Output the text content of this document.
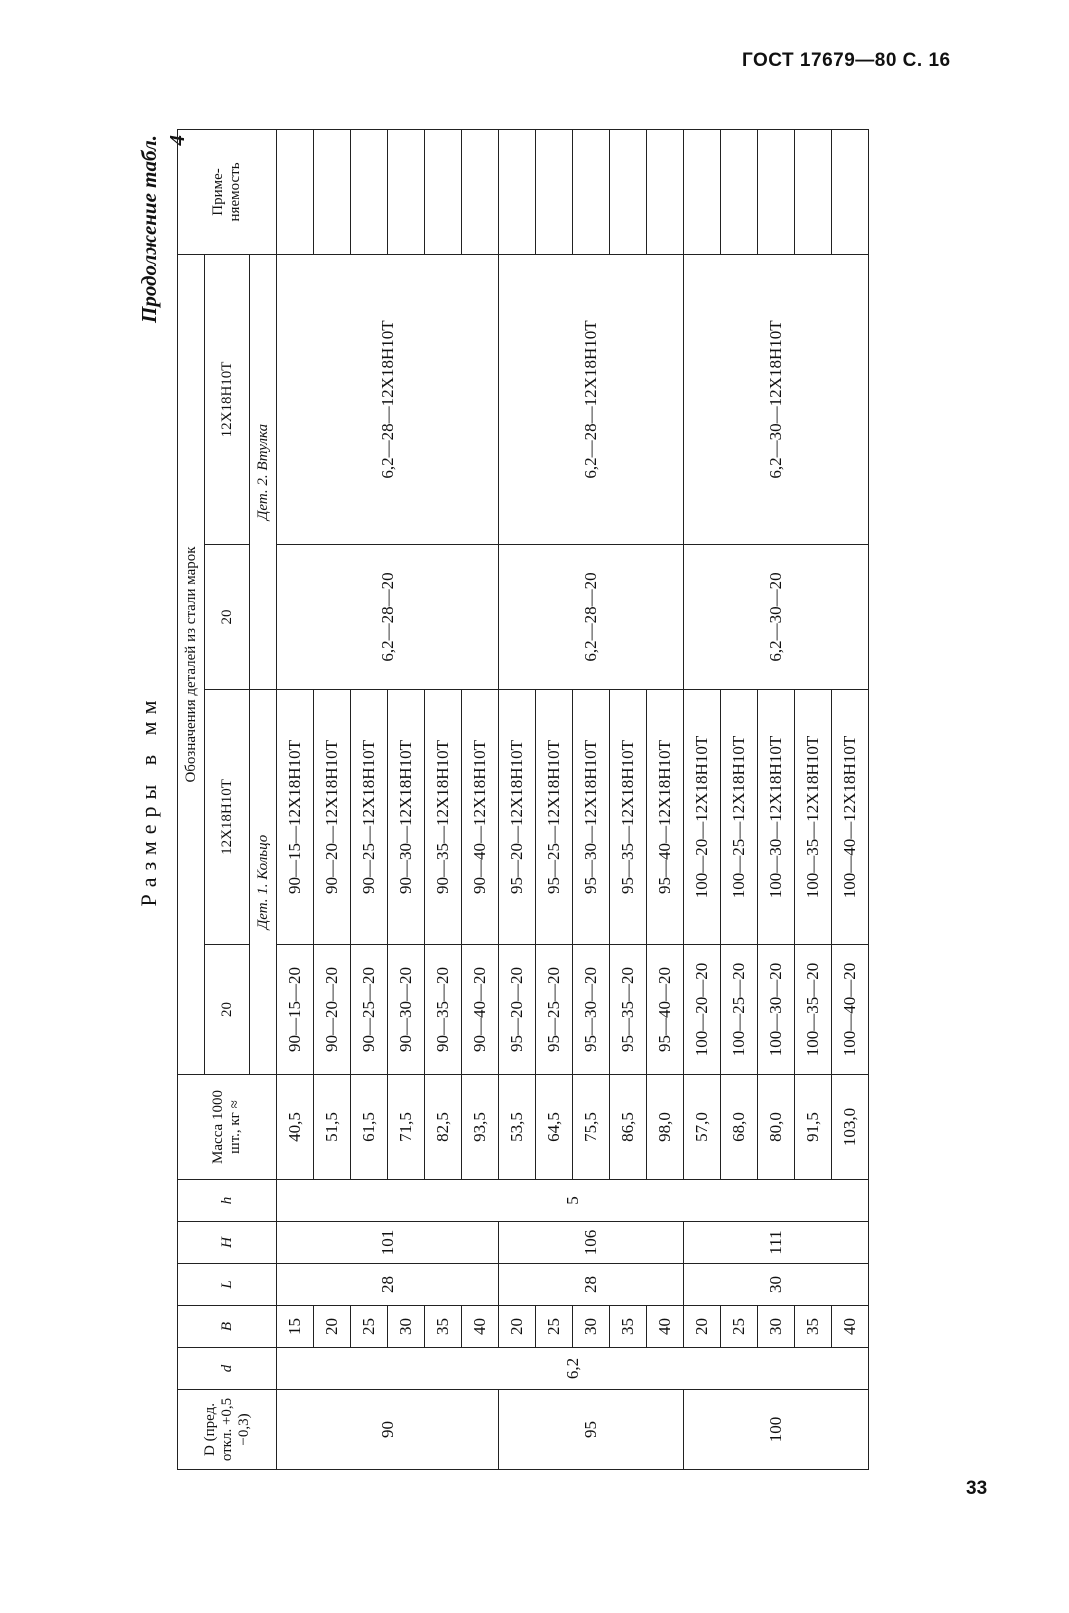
ГОСТ 17679—80 С. 16
Продолжение табл. 4
Размеры в мм
D (пред. откл. +0,5 −0,3)	d	B	L	H	h	Масса 1000 шт., кг ≈	Обозначения деталей из стали марок				Приме-
няемость
							20	12Х18Н10Т	20	12Х18Н10Т	
							Дет. 1. Кольцо		Дет. 2. Втулка		
90	6,2	15	28	101	5	40,5	90—15—20	90—15—12Х18Н10Т	6,2—28—20	6,2—28—12Х18Н10Т	
		20				51,5	90—20—20	90—20—12Х18Н10Т			
		25				61,5	90—25—20	90—25—12Х18Н10Т			
		30				71,5	90—30—20	90—30—12Х18Н10Т			
		35				82,5	90—35—20	90—35—12Х18Н10Т			
		40				93,5	90—40—20	90—40—12Х18Н10Т			
95		20	28	106		53,5	95—20—20	95—20—12Х18Н10Т	6,2—28—20	6,2—28—12Х18Н10Т	
		25				64,5	95—25—20	95—25—12Х18Н10Т			
		30				75,5	95—30—20	95—30—12Х18Н10Т			
		35				86,5	95—35—20	95—35—12Х18Н10Т			
		40				98,0	95—40—20	95—40—12Х18Н10Т			
100		20	30	111		57,0	100—20—20	100—20—12Х18Н10Т	6,2—30—20	6,2—30—12Х18Н10Т	
		25				68,0	100—25—20	100—25—12Х18Н10Т			
		30				80,0	100—30—20	100—30—12Х18Н10Т			
		35				91,5	100—35—20	100—35—12Х18Н10Т			
		40				103,0	100—40—20	100—40—12Х18Н10Т			
33
